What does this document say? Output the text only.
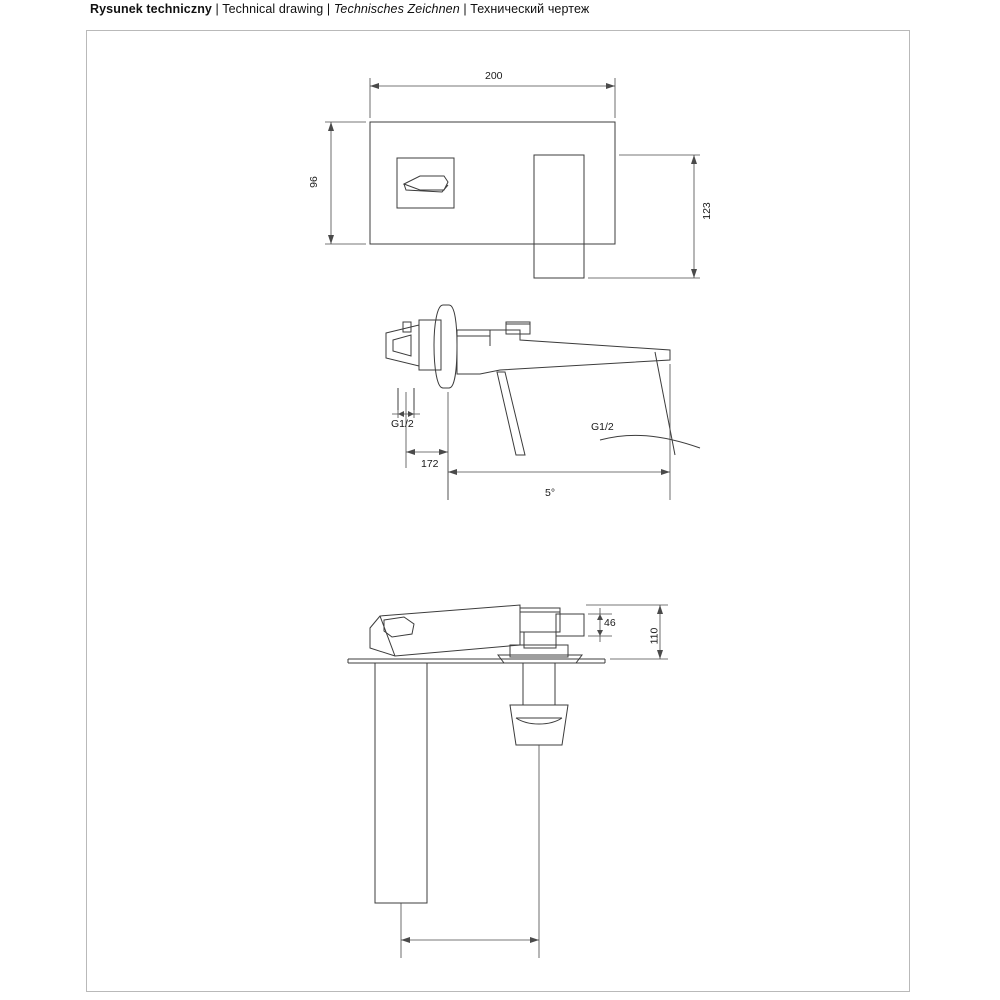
Rysunek techniczny | Technical drawing | Technisches Zeichnen | Технический чертеж
200
96
123
G1/2
172
5°
G1/2
46
110
